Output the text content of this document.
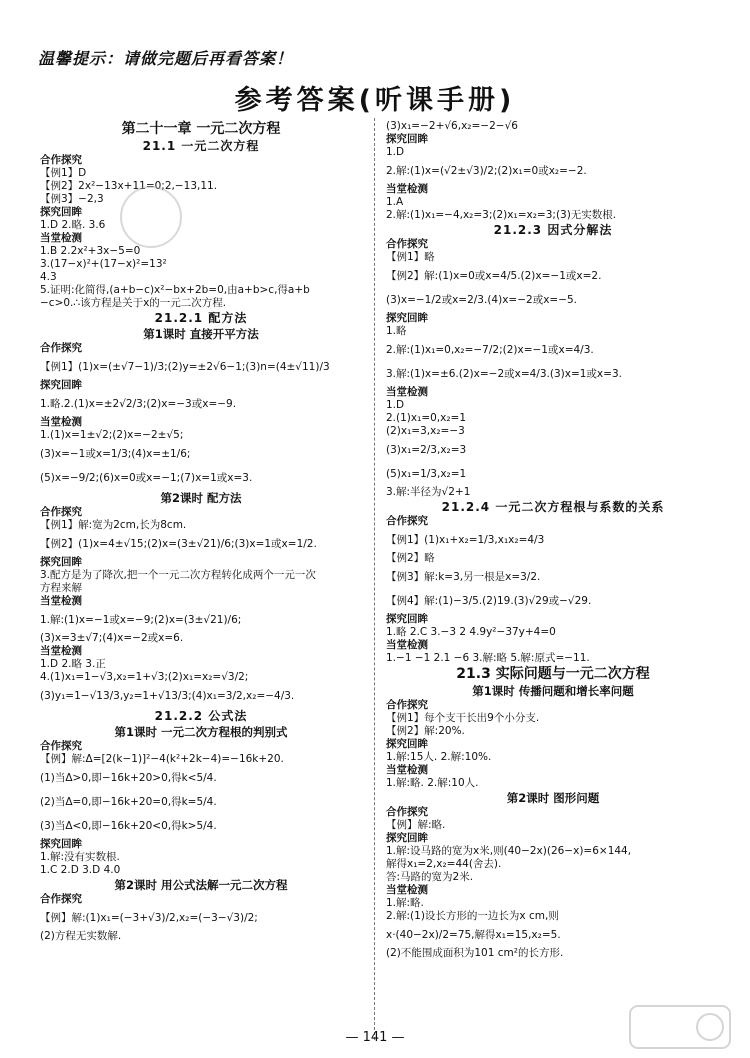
温馨提示：请做完题后再看答案！
参考答案(听课手册)
第二十一章 一元二次方程
21.1 一元二次方程
合作探究
【例1】D
【例2】2x²−13x+11=0;2,−13,11.
【例3】−2,3
探究回眸
1.D 2.略. 3.6
当堂检测
1.B 2.2x²+3x−5=0
3.(17−x)²+(17−x)²=13²
4.3
5.证明:化简得,(a+b−c)x²−bx+2b=0,由a+b>c,得a+b
−c>0.∴该方程是关于x的一元二次方程.
21.2.1 配方法
第1课时 直接开平方法
合作探究
【例1】(1)x=(±√7−1)/3;(2)y=±2√6−1;(3)n=(4±√11)/3
探究回眸
1.略.2.(1)x=±2√2/3;(2)x=−3或x=−9.
当堂检测
1.(1)x=1±√2;(2)x=−2±√5;
(3)x=−1或x=1/3;(4)x=±1/6;
(5)x=−9/2;(6)x=0或x=−1;(7)x=1或x=3.
第2课时 配方法
合作探究
【例1】解:宽为2cm,长为8cm.
【例2】(1)x=4±√15;(2)x=(3±√21)/6;(3)x=1或x=1/2.
探究回眸
3.配方是为了降次,把一个一元二次方程转化成两个一元一次
方程来解
当堂检测
1.解:(1)x=−1或x=−9;(2)x=(3±√21)/6;
(3)x=3±√7;(4)x=−2或x=6.
当堂检测
1.D 2.略 3.正
4.(1)x₁=1−√3,x₂=1+√3;(2)x₁=x₂=√3/2;
(3)y₁=1−√13/3,y₂=1+√13/3;(4)x₁=3/2,x₂=−4/3.
21.2.2 公式法
第1课时 一元二次方程根的判别式
合作探究
【例】解:Δ=[2(k−1)]²−4(k²+2k−4)=−16k+20.
(1)当Δ>0,即−16k+20>0,得k<5/4.
(2)当Δ=0,即−16k+20=0,得k=5/4.
(3)当Δ<0,即−16k+20<0,得k>5/4.
探究回眸
1.解:没有实数根.
1.C 2.D 3.D 4.0
第2课时 用公式法解一元二次方程
合作探究
【例】解:(1)x₁=(−3+√3)/2,x₂=(−3−√3)/2;
(2)方程无实数解.
(3)x₁=−2+√6,x₂=−2−√6
探究回眸
1.D
2.解:(1)x=(√2±√3)/2;(2)x₁=0或x₂=−2.
当堂检测
1.A
2.解:(1)x₁=−4,x₂=3;(2)x₁=x₂=3;(3)无实数根.
21.2.3 因式分解法
合作探究
【例1】略
【例2】解:(1)x=0或x=4/5.(2)x=−1或x=2.
(3)x=−1/2或x=2/3.(4)x=−2或x=−5.
探究回眸
1.略
2.解:(1)x₁=0,x₂=−7/2;(2)x=−1或x=4/3.
3.解:(1)x=±6.(2)x=−2或x=4/3.(3)x=1或x=3.
当堂检测
1.D
2.(1)x₁=0,x₂=1
(2)x₁=3,x₂=−3
(3)x₁=2/3,x₂=3
(5)x₁=1/3,x₂=1
3.解:半径为√2+1
21.2.4 一元二次方程根与系数的关系
合作探究
【例1】(1)x₁+x₂=1/3,x₁x₂=4/3
【例2】略
【例3】解:k=3,另一根是x=3/2.
【例4】解:(1)−3/5.(2)19.(3)√29或−√29.
探究回眸
1.略 2.C 3.−3 2 4.9y²−37y+4=0
当堂检测
1.−1 −1 2.1 −6 3.解:略 5.解:原式=−11.
21.3 实际问题与一元二次方程
第1课时 传播问题和增长率问题
合作探究
【例1】每个支干长出9个小分支.
【例2】解:20%.
探究回眸
1.解:15人. 2.解:10%.
当堂检测
1.解:略. 2.解:10人.
第2课时 图形问题
合作探究
【例】解:略.
探究回眸
1.解:设马路的宽为x米,则(40−2x)(26−x)=6×144,
解得x₁=2,x₂=44(舍去).
答:马路的宽为2米.
当堂检测
1.解:略.
2.解:(1)设长方形的一边长为x cm,则
x·(40−2x)/2=75,解得x₁=15,x₂=5.
(2)不能围成面积为101 cm²的长方形.
— 141 —
